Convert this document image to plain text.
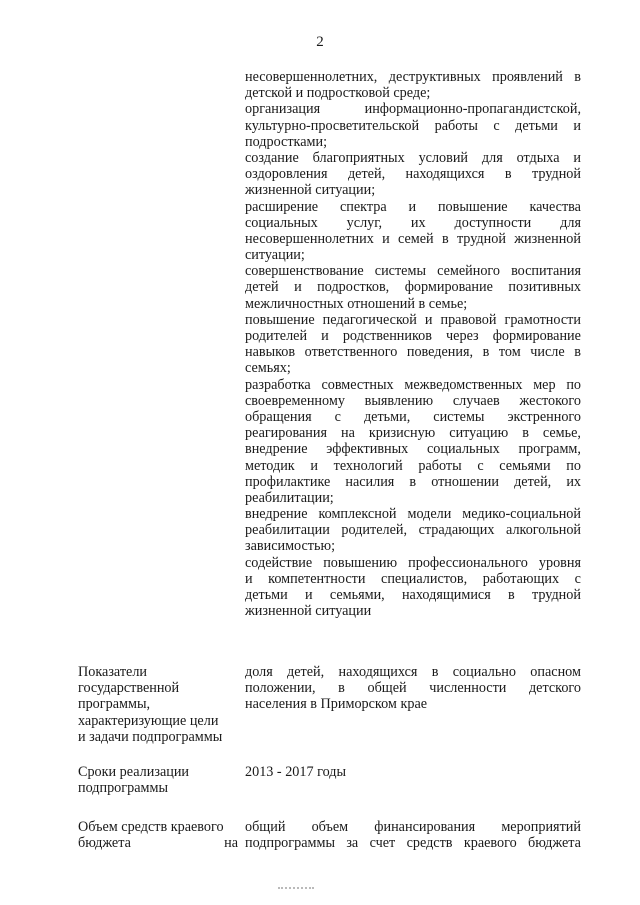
2
несовершеннолетних, деструктивных проявлений в
детской и подростковой среде;
организация	информационно-пропагандистской,
культурно-просветительской работы с детьми и
подростками;
создание благоприятных условий для отдыха и
оздоровления детей, находящихся в трудной
жизненной ситуации;
расширение спектра и повышение качества
социальных услуг, их доступности для
несовершеннолетних и семей в трудной жизненной
ситуации;
совершенствование системы семейного воспитания
детей и подростков, формирование позитивных
межличностных отношений в семье;
повышение педагогической и правовой грамотности
родителей и родственников через формирование
навыков ответственного поведения, в том числе в
семьях;
разработка совместных межведомственных мер по
своевременному выявлению случаев жестокого
обращения с детьми, системы экстренного
реагирования на кризисную ситуацию в семье,
внедрение эффективных социальных программ,
методик и технологий работы с семьями по
профилактике насилия в отношении детей, их
реабилитации;
внедрение комплексной модели медико-социальной
реабилитации родителей, страдающих алкогольной
зависимостью;
содействие повышению профессионального уровня
и компетентности специалистов, работающих с
детьми и семьями, находящимися в трудной
жизненной ситуации
Показатели
государственной
программы,
характеризующие цели
и задачи подпрограммы
доля детей, находящихся в социально опасном
положении, в общей численности детского
населения в Приморском крае
Сроки реализации
подпрограммы
2013 - 2017 годы
Объем средств краевого
бюджета	на
общий объем финансирования мероприятий
подпрограммы за счет средств краевого бюджета
